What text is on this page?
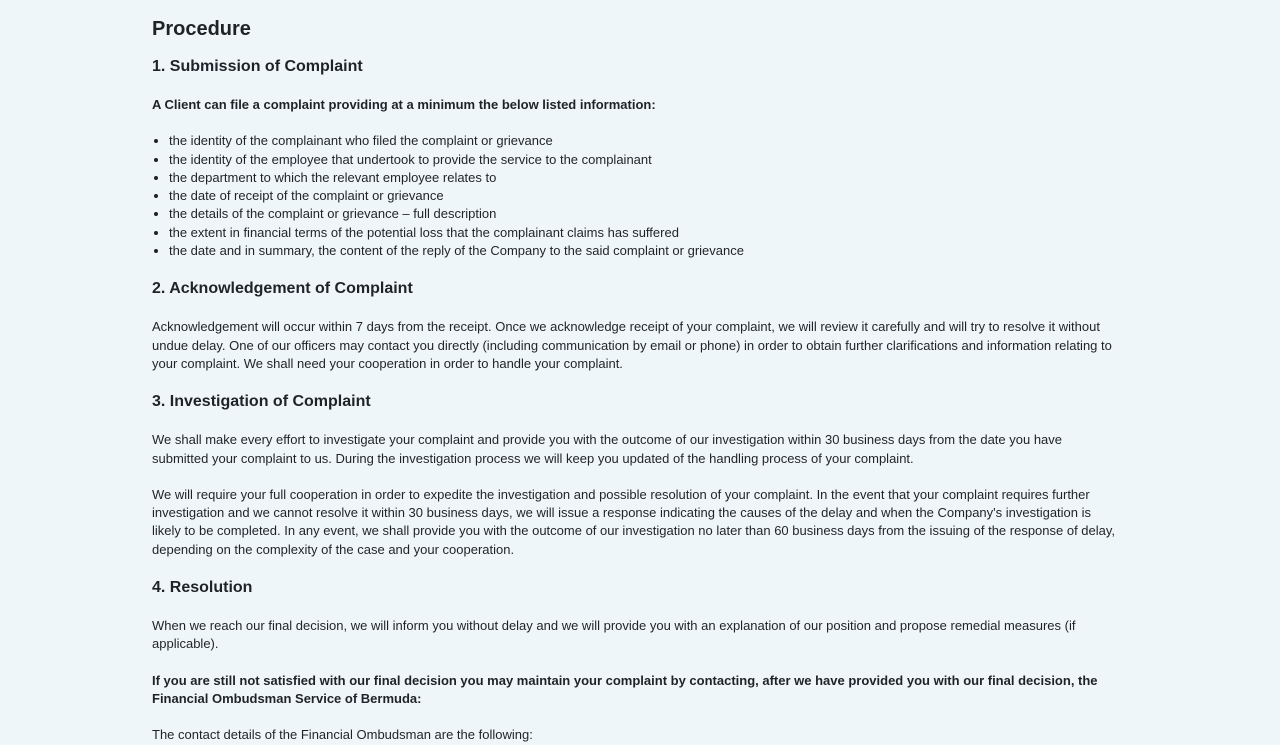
Procedure
1. Submission of Complaint

A Client can file a complaint providing at a minimum the below listed information:

• the identity of the complainant who filed the complaint or grievance
• the identity of the employee that undertook to provide the service to the complainant
• the department to which the relevant employee relates to
• the date of receipt of the complaint or grievance
• the details of the complaint or grievance – full description
• the extent in financial terms of the potential loss that the complainant claims has suffered
• the date and in summary, the content of the reply of the Company to the said complaint or grievance
2. Acknowledgement of Complaint

Acknowledgement will occur within 7 days from the receipt. Once we acknowledge receipt of your complaint, we will review it carefully and will try to resolve it without undue delay. One of our officers may contact you directly (including communication by email or phone) in order to obtain further clarifications and information relating to your complaint. We shall need your cooperation in order to handle your complaint.

3. Investigation of Complaint

We shall make every effort to investigate your complaint and provide you with the outcome of our investigation within 30 business days from the date you have submitted your complaint to us. During the investigation process we will keep you updated of the handling process of your complaint.

We will require your full cooperation in order to expedite the investigation and possible resolution of your complaint. In the event that your complaint requires further investigation and we cannot resolve it within 30 business days, we will issue a response indicating the causes of the delay and when the Company's investigation is likely to be completed. In any event, we shall provide you with the outcome of our investigation no later than 60 business days from the issuing of the response of delay, depending on the complexity of the case and your cooperation.

4. Resolution

When we reach our final decision, we will inform you without delay and we will provide you with an explanation of our position and propose remedial measures (if applicable).

If you are still not satisfied with our final decision you may maintain your complaint by contacting, after we have provided you with our final decision, the Financial Ombudsman Service of Bermuda:

The contact details of the Financial Ombudsman are the following:
